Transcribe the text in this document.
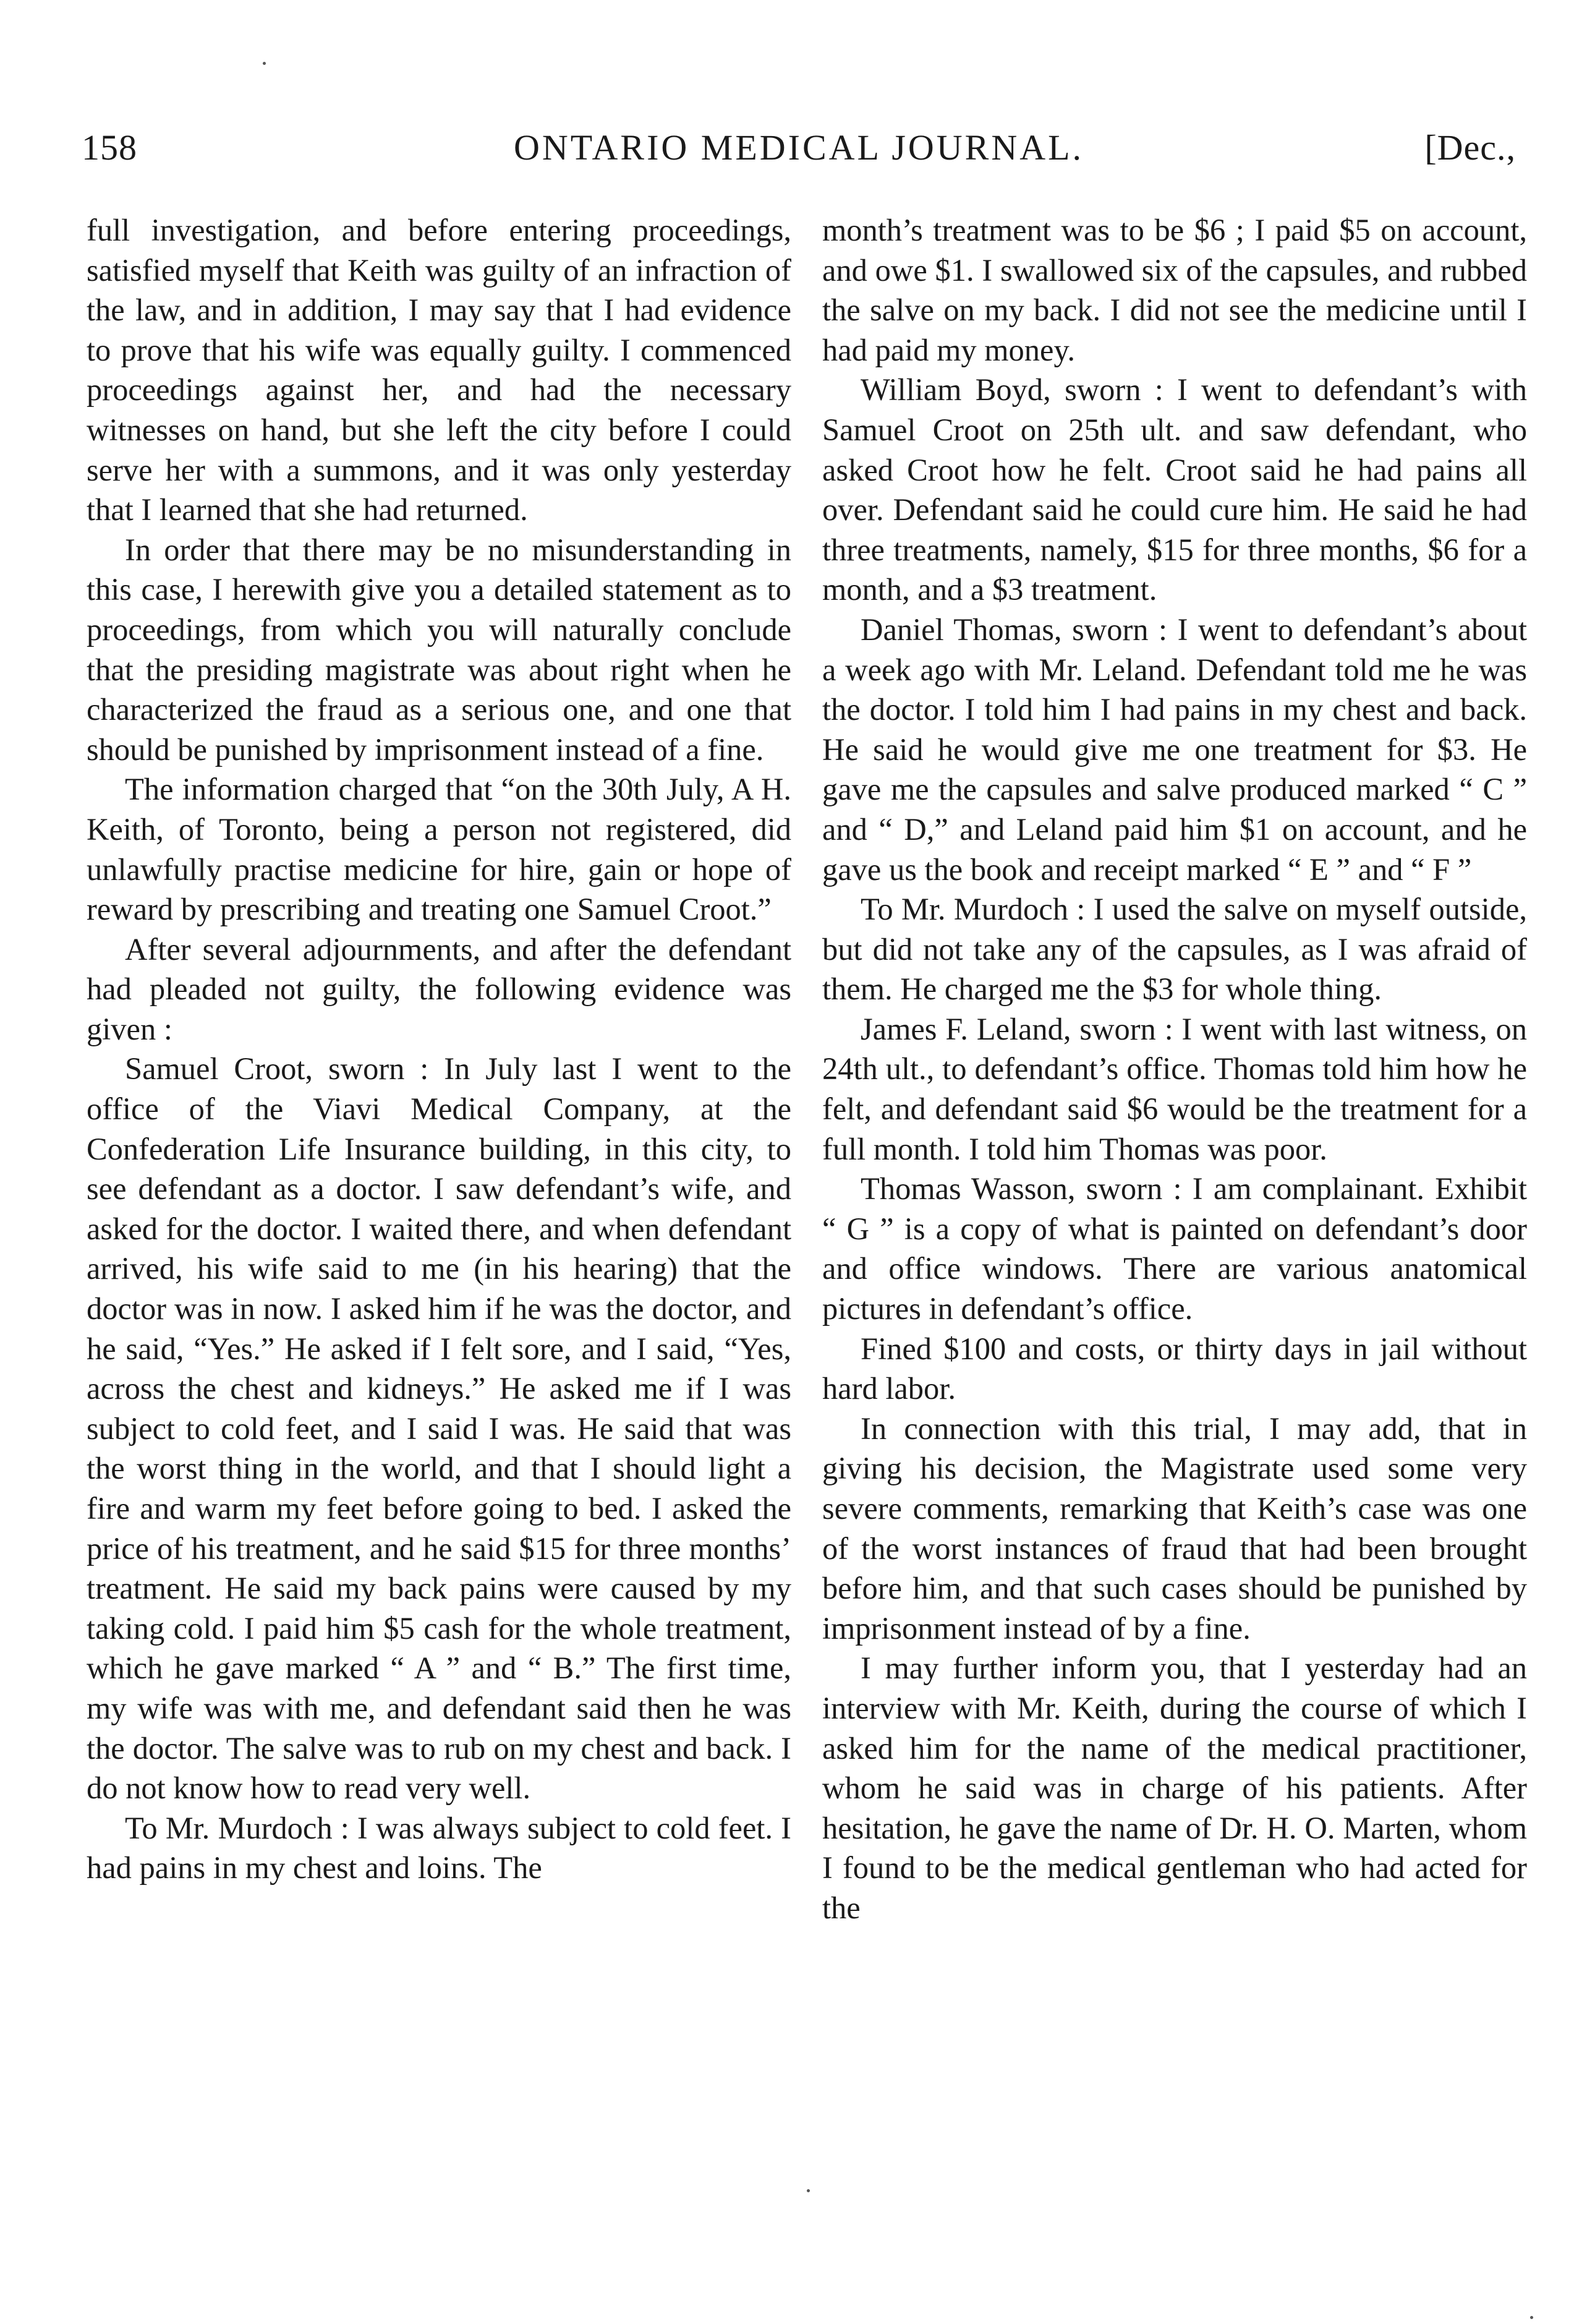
158	ONTARIO MEDICAL JOURNAL.	[Dec.,

full investigation, and before entering proceedings, satisfied myself that Keith was guilty of an infraction of the law, and in addition, I may say that I had evidence to prove that his wife was equally guilty. I commenced proceedings against her, and had the necessary witnesses on hand, but she left the city before I could serve her with a summons, and it was only yesterday that I learned that she had returned.

In order that there may be no misunderstanding in this case, I herewith give you a detailed statement as to proceedings, from which you will naturally conclude that the presiding magistrate was about right when he characterized the fraud as a serious one, and one that should be punished by imprisonment instead of a fine.

The information charged that “on the 30th July, A H. Keith, of Toronto, being a person not registered, did unlawfully practise medicine for hire, gain or hope of reward by prescribing and treating one Samuel Croot.”

After several adjournments, and after the defendant had pleaded not guilty, the following evidence was given :

Samuel Croot, sworn : In July last I went to the office of the Viavi Medical Company, at the Confederation Life Insurance building, in this city, to see defendant as a doctor. I saw defendant’s wife, and asked for the doctor. I waited there, and when defendant arrived, his wife said to me (in his hearing) that the doctor was in now. I asked him if he was the doctor, and he said, “Yes.” He asked if I felt sore, and I said, “Yes, across the chest and kidneys.” He asked me if I was subject to cold feet, and I said I was. He said that was the worst thing in the world, and that I should light a fire and warm my feet before going to bed. I asked the price of his treatment, and he said $15 for three months’ treatment. He said my back pains were caused by my taking cold. I paid him $5 cash for the whole treatment, which he gave marked “ A ” and “ B.” The first time, my wife was with me, and defendant said then he was the doctor. The salve was to rub on my chest and back. I do not know how to read very well.

To Mr. Murdoch : I was always subject to cold feet. I had pains in my chest and loins. The

month’s treatment was to be $6 ; I paid $5 on account, and owe $1. I swallowed six of the capsules, and rubbed the salve on my back. I did not see the medicine until I had paid my money.

William Boyd, sworn : I went to defendant’s with Samuel Croot on 25th ult. and saw defendant, who asked Croot how he felt. Croot said he had pains all over. Defendant said he could cure him. He said he had three treatments, namely, $15 for three months, $6 for a month, and a $3 treatment.

Daniel Thomas, sworn : I went to defendant’s about a week ago with Mr. Leland. Defendant told me he was the doctor. I told him I had pains in my chest and back. He said he would give me one treatment for $3. He gave me the capsules and salve produced marked “ C ” and “ D,” and Leland paid him $1 on account, and he gave us the book and receipt marked “ E ” and “ F ”

To Mr. Murdoch : I used the salve on myself outside, but did not take any of the capsules, as I was afraid of them. He charged me the $3 for whole thing.

James F. Leland, sworn : I went with last witness, on 24th ult., to defendant’s office. Thomas told him how he felt, and defendant said $6 would be the treatment for a full month. I told him Thomas was poor.

Thomas Wasson, sworn : I am complainant. Exhibit “ G ” is a copy of what is painted on defendant’s door and office windows. There are various anatomical pictures in defendant’s office.

Fined $100 and costs, or thirty days in jail without hard labor.

In connection with this trial, I may add, that in giving his decision, the Magistrate used some very severe comments, remarking that Keith’s case was one of the worst instances of fraud that had been brought before him, and that such cases should be punished by imprisonment instead of by a fine.

I may further inform you, that I yesterday had an interview with Mr. Keith, during the course of which I asked him for the name of the medical practitioner, whom he said was in charge of his patients. After hesitation, he gave the name of Dr. H. O. Marten, whom I found to be the medical gentleman who had acted for the
